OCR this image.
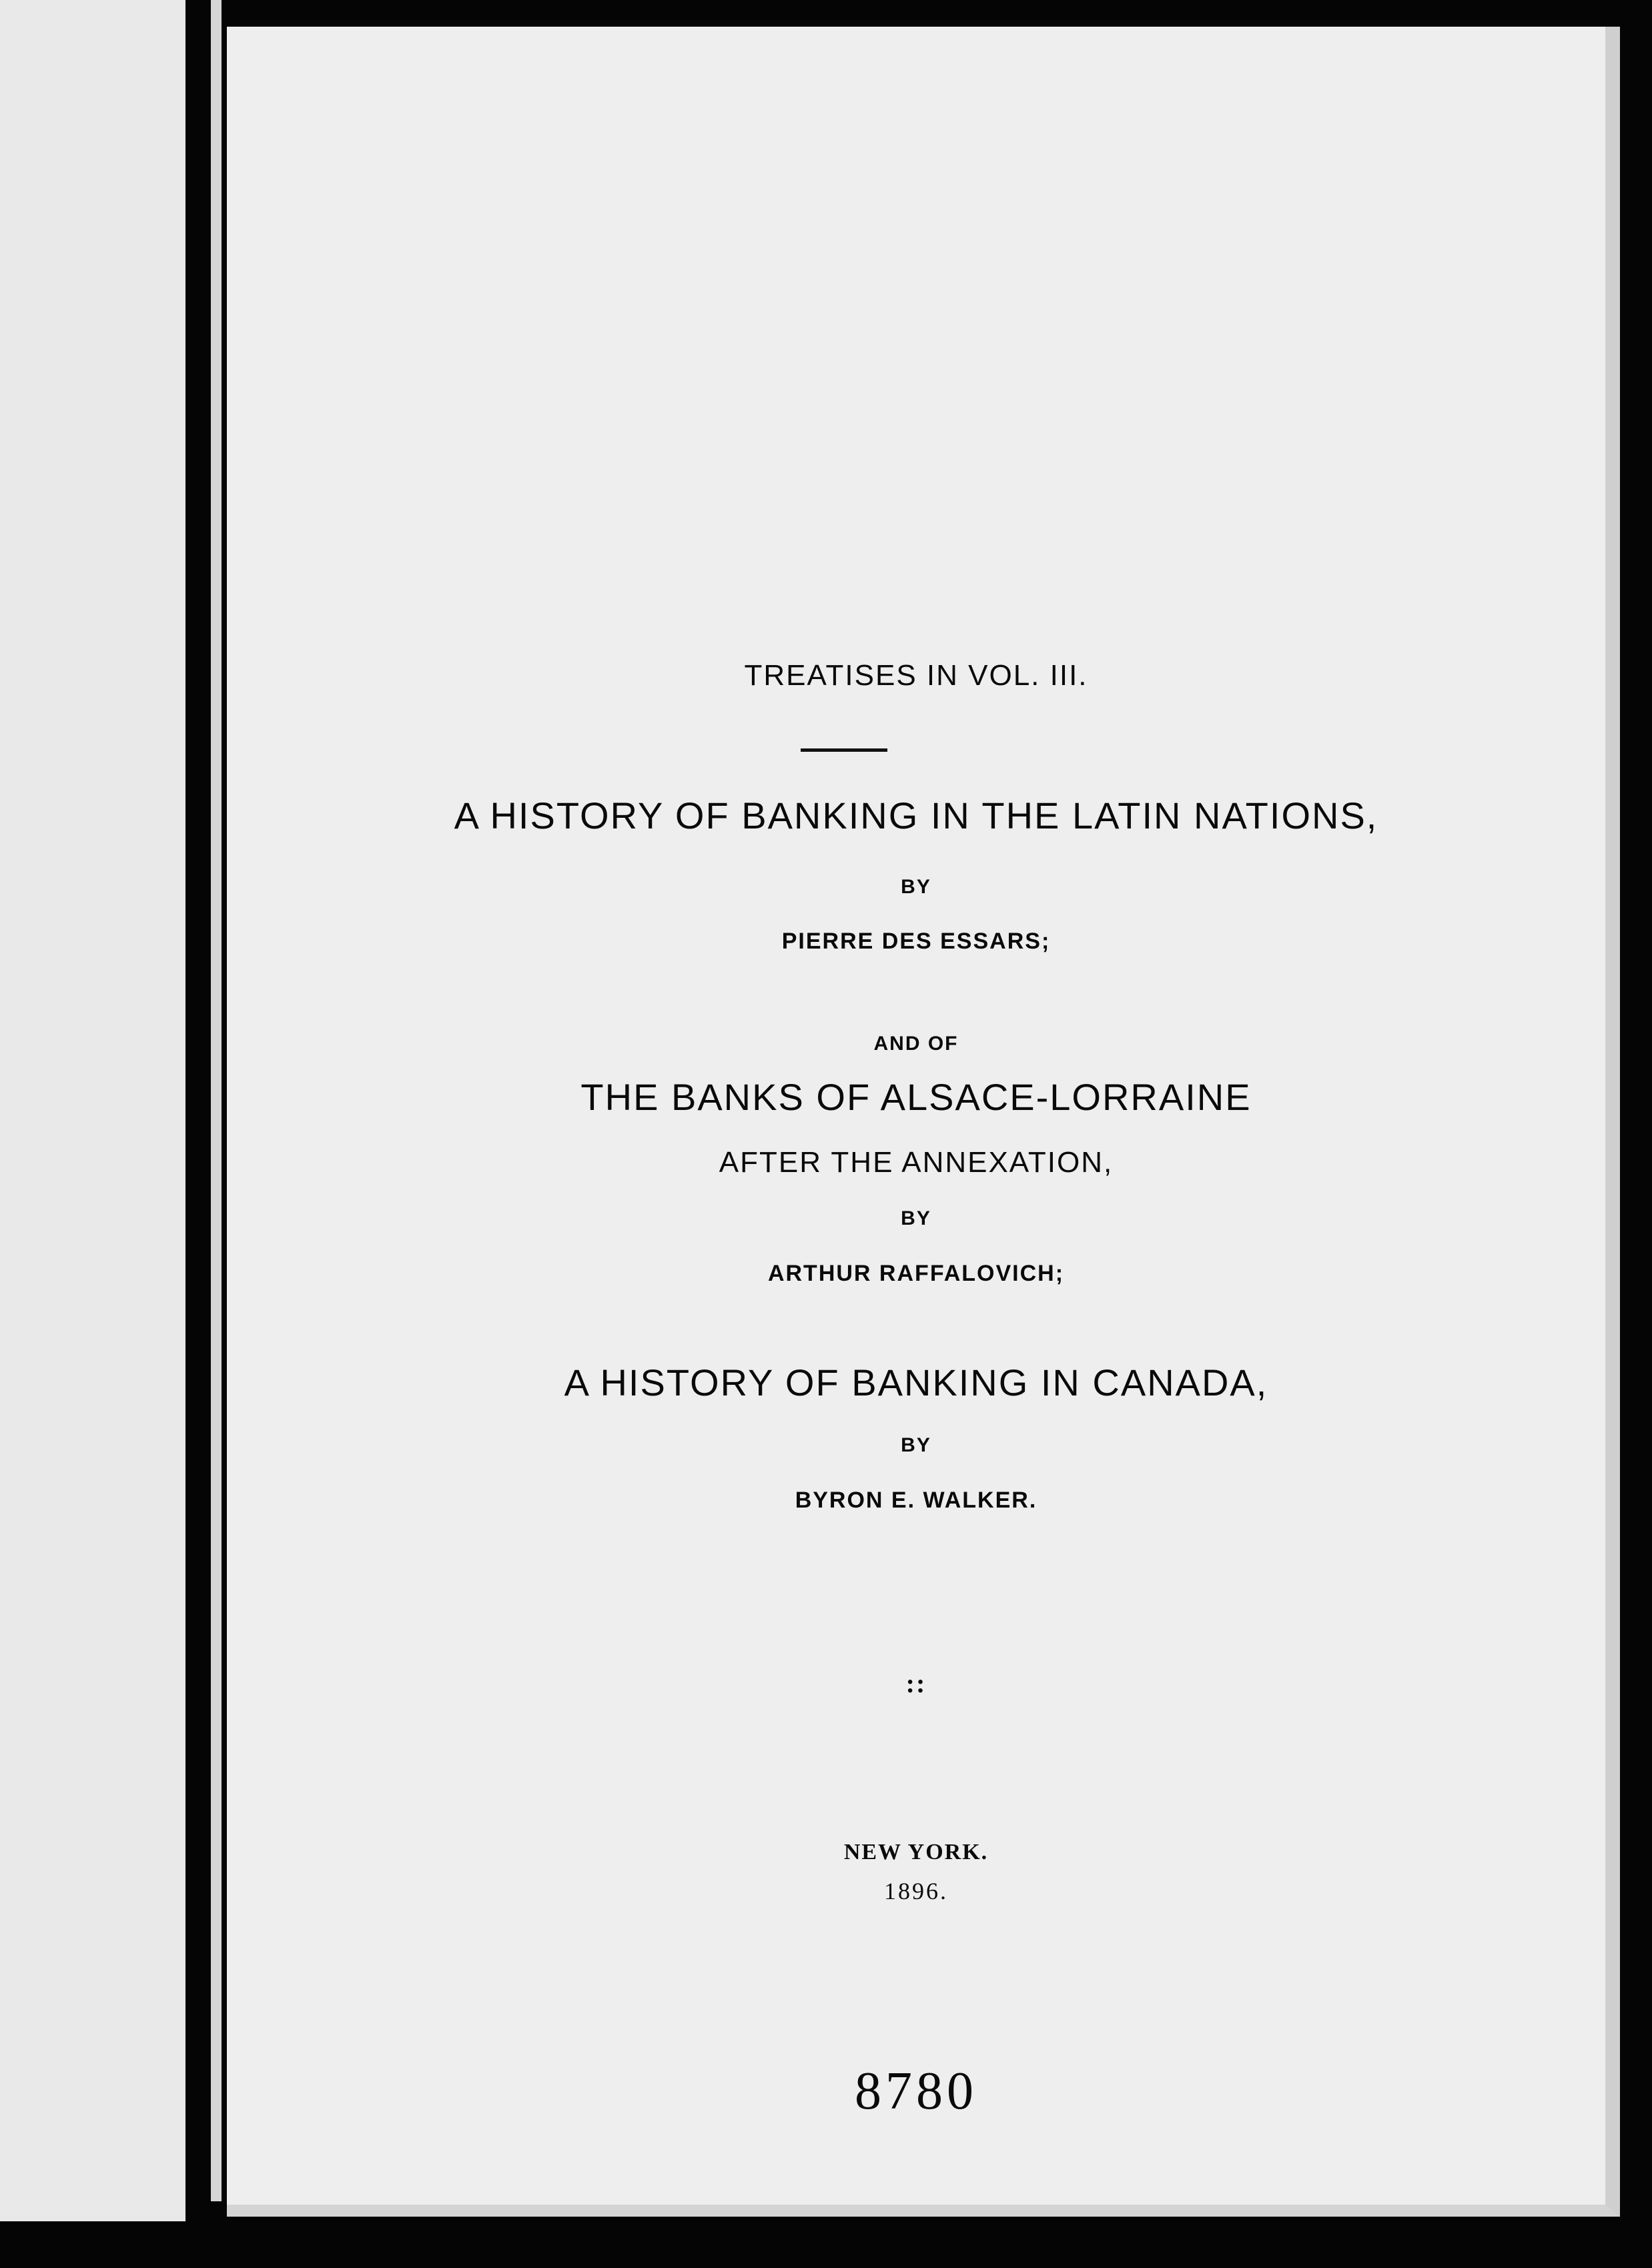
TREATISES IN VOL. III.
A HISTORY OF BANKING IN THE LATIN NATIONS,
BY
PIERRE DES ESSARS;
AND OF
THE BANKS OF ALSACE-LORRAINE
AFTER THE ANNEXATION,
BY
ARTHUR RAFFALOVICH;
A HISTORY OF BANKING IN CANADA,
BY
BYRON E. WALKER.
::
NEW YORK.
1896.
8780
